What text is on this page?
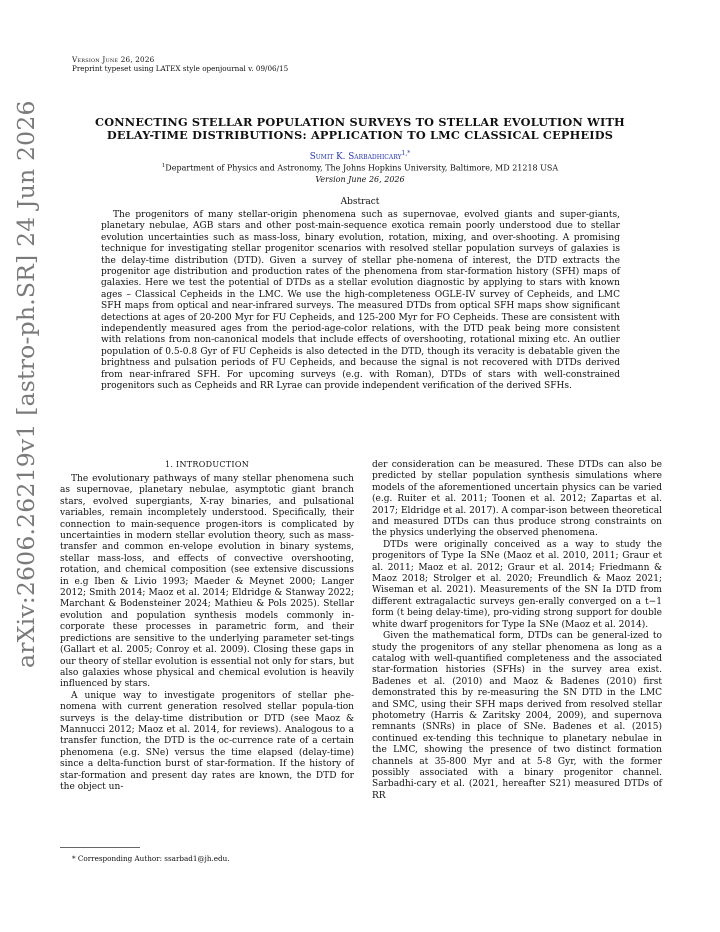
Version June 26, 2026
Preprint typeset using LATEX style openjournal v. 09/06/15
arXiv:2606.26219v1 [astro-ph.SR] 24 Jun 2026	CONNECTING STELLAR POPULATION SURVEYS TO STELLAR EVOLUTION WITH DELAY-TIME DISTRIBUTIONS: APPLICATION TO LMC CLASSICAL CEPHEIDS
Sumit K. Sarbadhicary$^{1,*}$
$^1$Department of Physics and Astronomy, The Johns Hopkins University, Baltimore, MD 21218 USA
Version June 26, 2026
Abstract
The progenitors of many stellar-origin phenomena such as supernovae, evolved giants and super-giants, planetary nebulae, AGB stars and other post-main-sequence exotica remain poorly understood due to stellar evolution uncertainties such as mass-loss, binary evolution, rotation, mixing, and over-shooting. A promising technique for investigating stellar progenitor scenarios with resolved stellar population surveys of galaxies is the delay-time distribution (DTD). Given a survey of stellar phe-nomena of interest, the DTD extracts the progenitor age distribution and production rates of the phenomena from star-formation history (SFH) maps of galaxies. Here we test the potential of DTDs as a stellar evolution diagnostic by applying to stars with known ages – Classical Cepheids in the LMC. We use the high-completeness OGLE-IV survey of Cepheids, and LMC SFH maps from optical and near-infrared surveys. The measured DTDs from optical SFH maps show significant detections at ages of 20-200 Myr for FU Cepheids, and 125-200 Myr for FO Cepheids. These are consistent with independently measured ages from the period-age-color relations, with the DTD peak being more consistent with relations from non-canonical models that include effects of overshooting, rotational mixing etc. An outlier population of 0.5-0.8 Gyr of FU Cepheids is also detected in the DTD, though its veracity is debatable given the brightness and pulsation periods of FU Cepheids, and because the signal is not recovered with DTDs derived from near-infrared SFH. For upcoming surveys (e.g. with Roman), DTDs of stars with well-constrained progenitors such as Cepheids and RR Lyrae can provide independent verification of the derived SFHs.
1. INTRODUCTION

The evolutionary pathways of many stellar phenomena such as supernovae, planetary nebulae, asymptotic giant branch stars, evolved supergiants, X-ray binaries, and pulsational variables, remain incompletely understood. Specifically, their connection to main-sequence progen-itors is complicated by uncertainties in modern stellar evolution theory, such as mass-transfer and common en-velope evolution in binary systems, stellar mass-loss, and effects of convective overshooting, rotation, and chemical composition (see extensive discussions in e.g Iben & Livio 1993; Maeder & Meynet 2000; Langer 2012; Smith 2014; Maoz et al. 2014; Eldridge & Stanway 2022; Marchant & Bodensteiner 2024; Mathieu & Pols 2025). Stellar evolution and population synthesis models commonly in-corporate these processes in parametric form, and their predictions are sensitive to the underlying parameter set-tings (Gallart et al. 2005; Conroy et al. 2009). Closing these gaps in our theory of stellar evolution is essential not only for stars, but also galaxies whose physical and chemical evolution is heavily influenced by stars.

A unique way to investigate progenitors of stellar phe-nomena with current generation resolved stellar popula-tion surveys is the delay-time distribution or DTD (see Maoz & Mannucci 2012; Maoz et al. 2014, for reviews). Analogous to a transfer function, the DTD is the oc-currence rate of a certain phenomena (e.g. SNe) versus the time elapsed (delay-time) since a delta-function burst of star-formation. If the history of star-formation and present day rates are known, the DTD for the object un-

der consideration can be measured. These DTDs can also be predicted by stellar population synthesis simulations where models of the aforementioned uncertain physics can be varied (e.g. Ruiter et al. 2011; Toonen et al. 2012; Zapartas et al. 2017; Eldridge et al. 2017). A compar-ison between theoretical and measured DTDs can thus produce strong constraints on the physics underlying the observed phenomena.

DTDs were originally conceived as a way to study the progenitors of Type Ia SNe (Maoz et al. 2010, 2011; Graur et al. 2011; Maoz et al. 2012; Graur et al. 2014; Friedmann & Maoz 2018; Strolger et al. 2020; Freundlich & Maoz 2021; Wiseman et al. 2021). Measurements of the SN Ia DTD from different extragalactic surveys gen-erally converged on a t−1 form (t being delay-time), pro-viding strong support for double white dwarf progenitors for Type Ia SNe (Maoz et al. 2014).

Given the mathematical form, DTDs can be general-ized to study the progenitors of any stellar phenomena as long as a catalog with well-quantified completeness and the associated star-formation histories (SFHs) in the survey area exist. Badenes et al. (2010) and Maoz & Badenes (2010) first demonstrated this by re-measuring the SN DTD in the LMC and SMC, using their SFH maps derived from resolved stellar photometry (Harris & Zaritsky 2004, 2009), and supernova remnants (SNRs) in place of SNe. Badenes et al. (2015) continued ex-tending this technique to planetary nebulae in the LMC, showing the presence of two distinct formation channels at 35-800 Myr and at 5-8 Gyr, with the former possibly associated with a binary progenitor channel. Sarbadhi-cary et al. (2021, hereafter S21) measured DTDs of RR

* Corresponding Author: ssarbad1@jh.edu.
